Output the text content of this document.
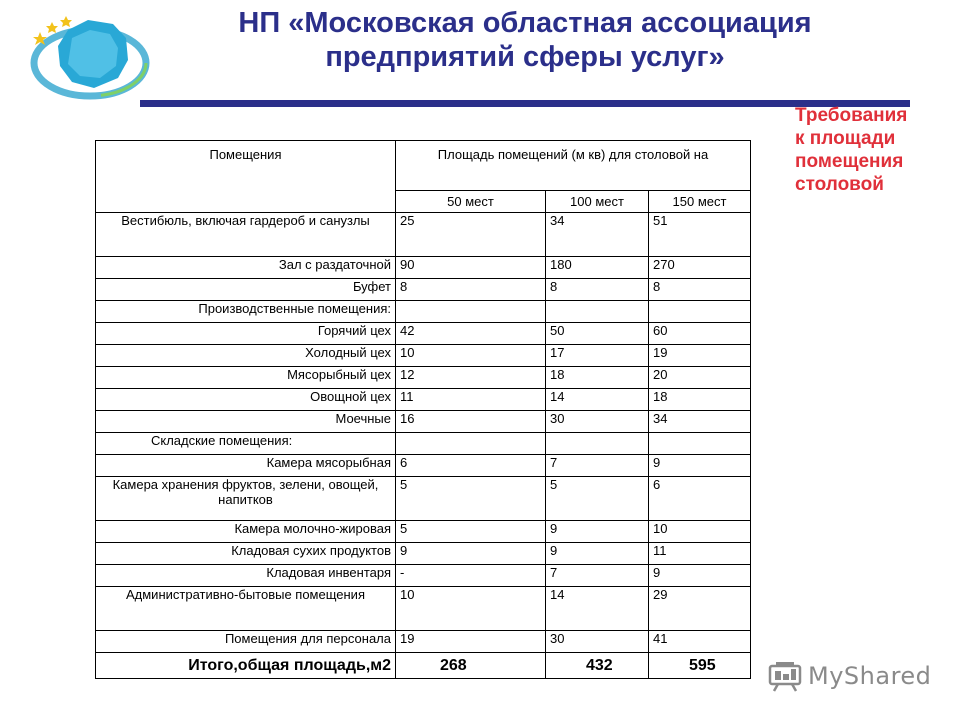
НП «Московская областная ассоциация
предприятий сферы услуг»
Требования
к площади
помещения
столовой
Помещения	Площадь помещений (м кв) для столовой на		
	50 мест	100 мест	150 мест
Вестибюль, включая гардероб и санузлы	25	34	51
Зал с раздаточной	90	180	270
Буфет	8	8	8
Производственные помещения:			
Горячий цех	42	50	60
Холодный цех	10	17	19
Мясорыбный цех	12	18	20
Овощной цех	11	14	18
Моечные	16	30	34
Складские помещения:			
Камера мясорыбная	6	7	9
Камера хранения фруктов, зелени, овощей, напитков	5	5	6
Камера молочно-жировая	5	9	10
Кладовая сухих продуктов	9	9	11
Кладовая инвентаря	-	7	9
Административно-бытовые помещения	10	14	29
Помещения для персонала	19	30	41
Итого,общая площадь,м2	268	432	595	MyShared
